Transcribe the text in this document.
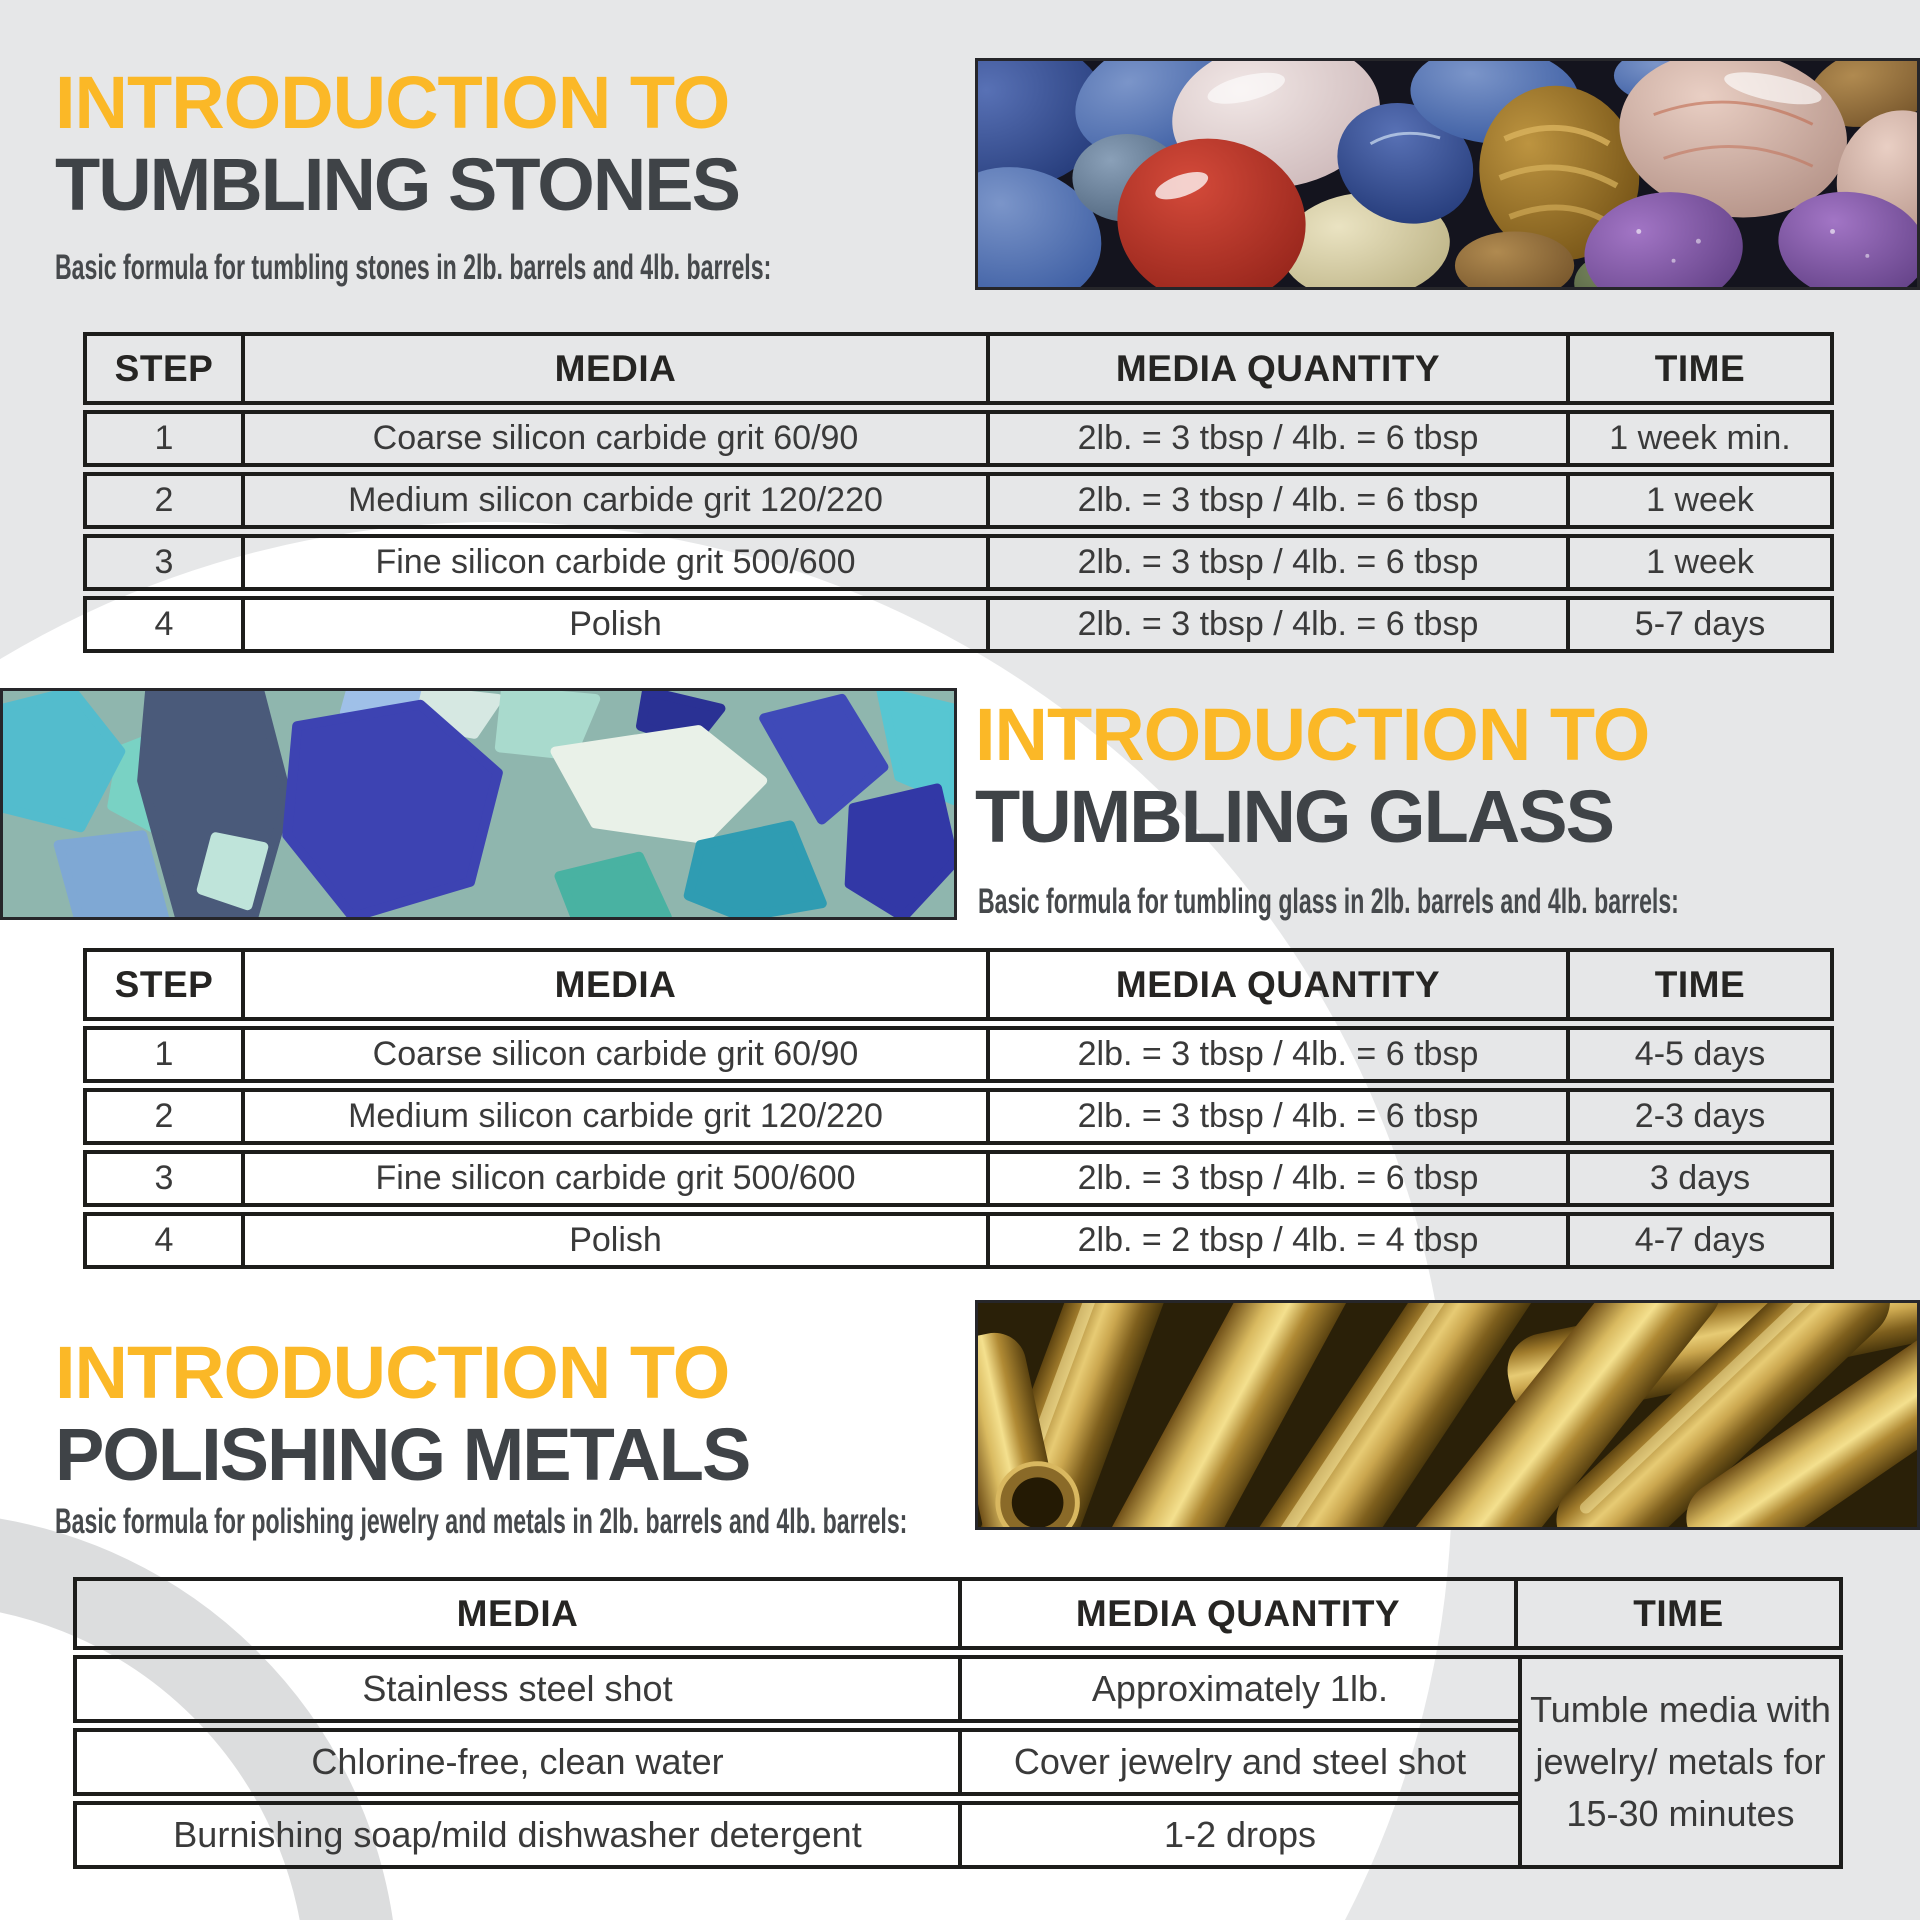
INTRODUCTION TO
TUMBLING STONES
Basic formula for tumbling stones in 2lb. barrels and 4lb. barrels:
STEP	MEDIA	MEDIA QUANTITY	TIME
1	Coarse silicon carbide grit 60/90	2lb. = 3 tbsp / 4lb. = 6 tbsp	1 week min.
2	Medium silicon carbide grit 120/220	2lb. = 3 tbsp / 4lb. = 6 tbsp	1 week
3	Fine silicon carbide grit 500/600	2lb. = 3 tbsp / 4lb. = 6 tbsp	1 week
4	Polish	2lb. = 3 tbsp / 4lb. = 6 tbsp	5-7 days
INTRODUCTION TO
TUMBLING GLASS
Basic formula for tumbling glass in 2lb. barrels and 4lb. barrels:
STEP	MEDIA	MEDIA QUANTITY	TIME
1	Coarse silicon carbide grit 60/90	2lb. = 3 tbsp / 4lb. = 6 tbsp	4-5 days
2	Medium silicon carbide grit 120/220	2lb. = 3 tbsp / 4lb. = 6 tbsp	2-3 days
3	Fine silicon carbide grit 500/600	2lb. = 3 tbsp / 4lb. = 6 tbsp	3 days
4	Polish	2lb. = 2 tbsp / 4lb. = 4 tbsp	4-7 days
INTRODUCTION TO
POLISHING METALS
Basic formula for polishing jewelry and metals in 2lb. barrels and 4lb. barrels:
MEDIA	MEDIA QUANTITY	TIME
Stainless steel shot	Approximately 1lb.
Chlorine-free, clean water	Cover jewelry and steel shot
Burnishing soap/mild dishwasher detergent	1-2 drops
Tumble media with jewelry/ metals for 15-30 minutes
